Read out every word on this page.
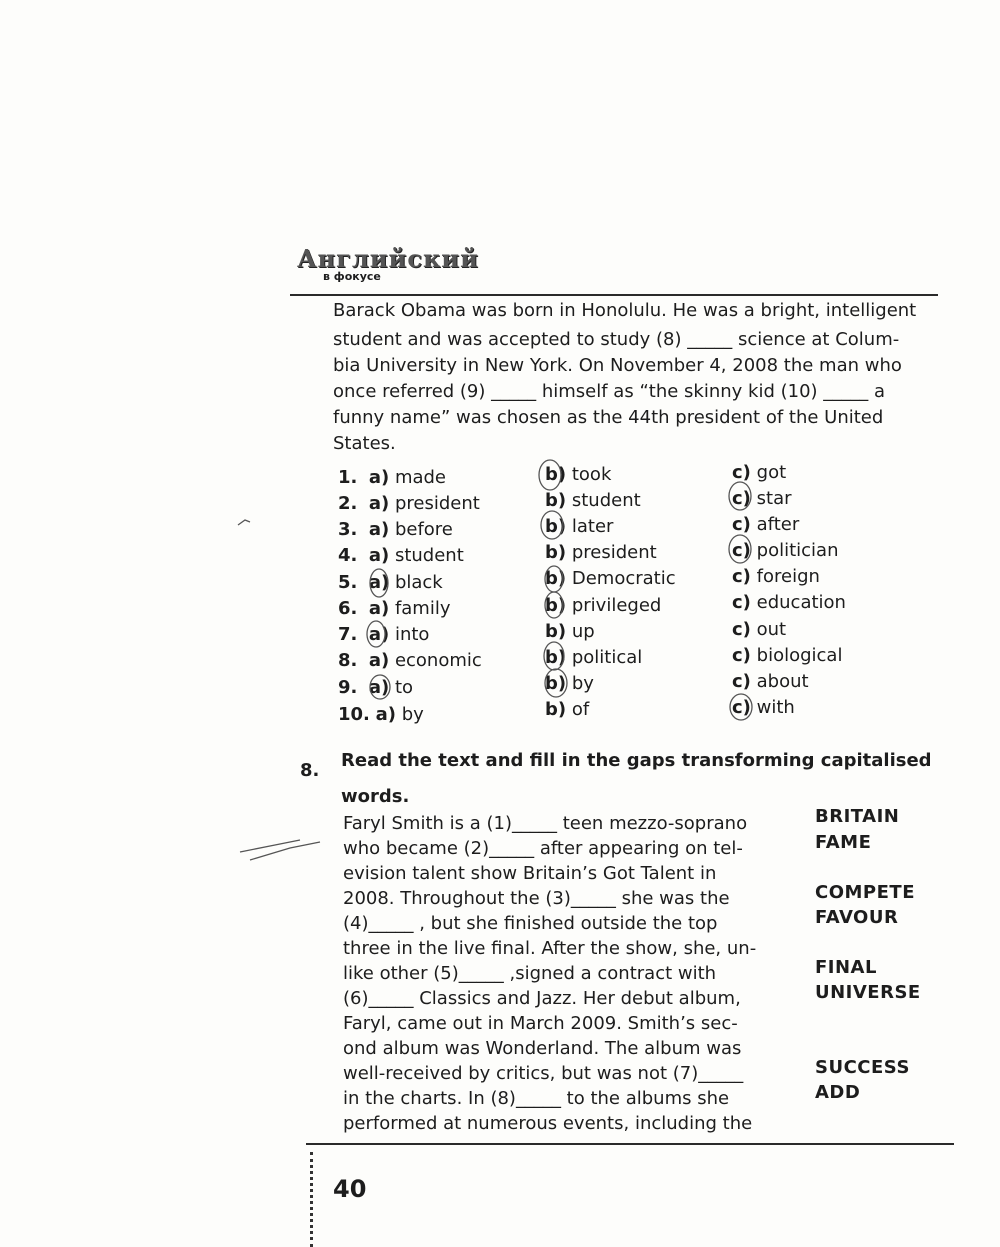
Английский
в фокусе
Barack Obama was born in Honolulu. He was a bright, intelligent
student and was accepted to study (8) _____ science at Colum-
bia University in New York. On November 4, 2008 the man who
once referred (9) _____ himself as “the skinny kid (10) _____ a
funny name” was chosen as the 44th president of the United
States.
1. a) made	b) took	c) got
2. a) president	b) student	c) star
3. a) before	b) later	c) after
4. a) student	b) president	c) politician
5. a) black	b) Democratic	c) foreign
6. a) family	b) privileged	c) education
7. a) into	b) up	c) out
8. a) economic	b) political	c) biological
9. a) to	b) by	c) about
10. a) by	b) of	c) with
8. Read the text and fill in the gaps transforming capitalised
words.
Faryl Smith is a (1)_____ teen mezzo-soprano
who became (2)_____ after appearing on tel-
evision talent show Britain’s Got Talent in
2008. Throughout the (3)_____ she was the
(4)_____ , but she finished outside the top
three in the live final. After the show, she, un-
like other (5)_____ ,signed a contract with
(6)_____ Classics and Jazz. Her debut album,
Faryl, came out in March 2009. Smith’s sec-
ond album was Wonderland. The album was
well-received by critics, but was not (7)_____
in the charts. In (8)_____ to the albums she
performed at numerous events, including the
BRITAIN
FAME
COMPETE
FAVOUR
FINAL
UNIVERSE
SUCCESS
ADD
40
